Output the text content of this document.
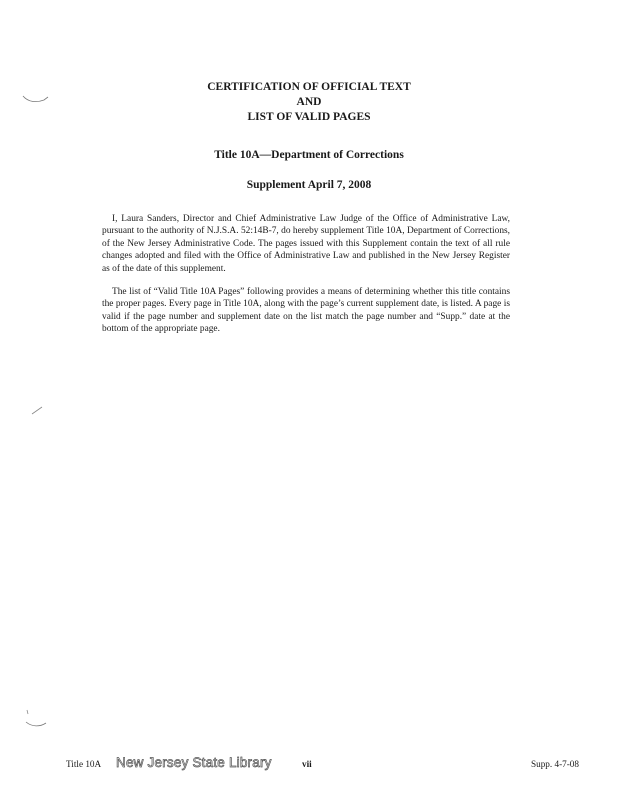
CERTIFICATION OF OFFICIAL TEXT
AND
LIST OF VALID PAGES
Title 10A—Department of Corrections
Supplement April 7, 2008

I, Laura Sanders, Director and Chief Administrative Law Judge of the Office of Administrative Law, pursuant to the authority of N.J.S.A. 52:14B-7, do hereby supplement Title 10A, Department of Corrections, of the New Jersey Administrative Code. The pages issued with this Supplement contain the text of all rule changes adopted and filed with the Office of Administrative Law and published in the New Jersey Register as of the date of this supplement.

The list of “Valid Title 10A Pages” following provides a means of determining whether this title contains the proper pages. Every page in Title 10A, along with the page’s current supplement date, is listed. A page is valid if the page number and supplement date on the list match the page number and “Supp.” date at the bottom of the appropriate page.

Title 10A New Jersey State Library	vii	Supp. 4-7-08
